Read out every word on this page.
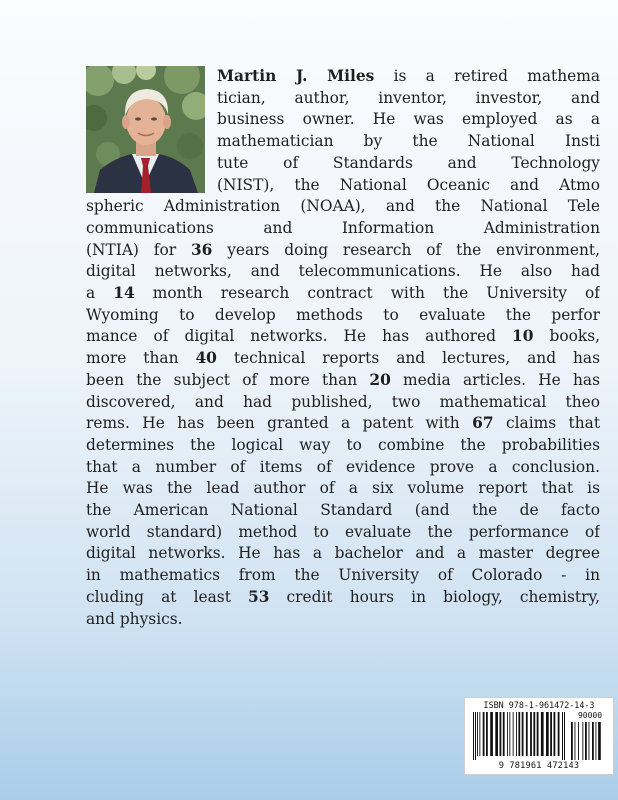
Martin J. Miles is a retired mathema
tician, author, inventor, investor, and
business owner. He was employed as a
mathematician by the National Insti
tute of Standards and Technology
(NIST), the National Oceanic and Atmo
spheric Administration (NOAA), and the National Tele
communications and Information Administration
(NTIA) for 36 years doing research of the environment,
digital networks, and telecommunications. He also had
a 14 month research contract with the University of
Wyoming to develop methods to evaluate the perfor
mance of digital networks. He has authored 10 books,
more than 40 technical reports and lectures, and has
been the subject of more than 20 media articles. He has
discovered, and had published, two mathematical theo
rems. He has been granted a patent with 67 claims that
determines the logical way to combine the probabilities
that a number of items of evidence prove a conclusion.
He was the lead author of a six volume report that is
the American National Standard (and the de facto
world standard) method to evaluate the performance of
digital networks. He has a bachelor and a master degree
in mathematics from the University of Colorado - in
cluding at least 53 credit hours in biology, chemistry,
and physics.
ISBN 978-1-961472-14-3
90000
9 781961 472143
